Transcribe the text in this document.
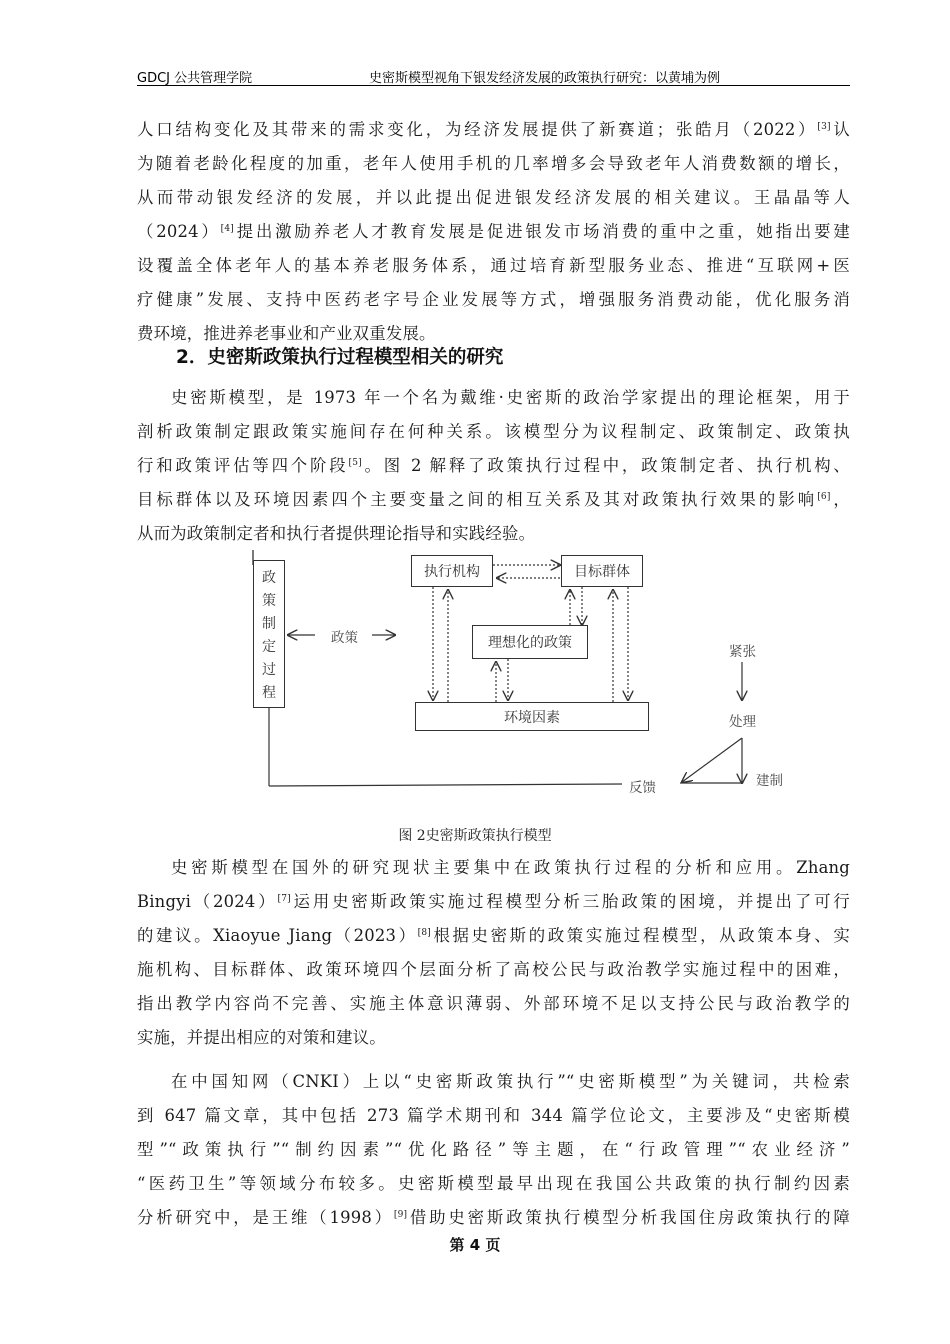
GDCJ 公共管理学院	史密斯模型视角下银发经济发展的政策执行研究：以黄埔为例
人口结构变化及其带来的需求变化，为经济发展提供了新赛道；张皓月（2022）[3]认
为随着老龄化程度的加重，老年人使用手机的几率增多会导致老年人消费数额的增长，
从而带动银发经济的发展，并以此提出促进银发经济发展的相关建议。王晶晶等人
（2024）[4]提出激励养老人才教育发展是促进银发市场消费的重中之重，她指出要建
设覆盖全体老年人的基本养老服务体系，通过培育新型服务业态、推进“互联网+医
疗健康”发展、支持中医药老字号企业发展等方式，增强服务消费动能，优化服务消
费环境，推进养老事业和产业双重发展。
2．史密斯政策执行过程模型相关的研究
史密斯模型，是 1973 年一个名为戴维·史密斯的政治学家提出的理论框架，用于
剖析政策制定跟政策实施间存在何种关系。该模型分为议程制定、政策制定、政策执
行和政策评估等四个阶段[5]。图 2 解释了政策执行过程中，政策制定者、执行机构、
目标群体以及环境因素四个主要变量之间的相互关系及其对政策执行效果的影响[6]，
从而为政策制定者和执行者提供理论指导和实践经验。
政
策
制
定
过
程
政策
执行机构	目标群体
理想化的政策
环境因素
紧张
处理
建制
反馈
图 2史密斯政策执行模型
史密斯模型在国外的研究现状主要集中在政策执行过程的分析和应用。Zhang
Bingyi（2024）[7]运用史密斯政策实施过程模型分析三胎政策的困境，并提出了可行
的建议。Xiaoyue Jiang（2023）[8]根据史密斯的政策实施过程模型，从政策本身、实
施机构、目标群体、政策环境四个层面分析了高校公民与政治教学实施过程中的困难，
指出教学内容尚不完善、实施主体意识薄弱、外部环境不足以支持公民与政治教学的
实施，并提出相应的对策和建议。
在中国知网（CNKI）上以“史密斯政策执行”“史密斯模型”为关键词，共检索
到 647 篇文章，其中包括 273 篇学术期刊和 344 篇学位论文，主要涉及“史密斯模
型”“政策执行”“制约因素”“优化路径”等主题，在“行政管理”“农业经济”
“医药卫生”等领域分布较多。史密斯模型最早出现在我国公共政策的执行制约因素
分析研究中，是王维（1998）[9]借助史密斯政策执行模型分析我国住房政策执行的障
第 4 页
